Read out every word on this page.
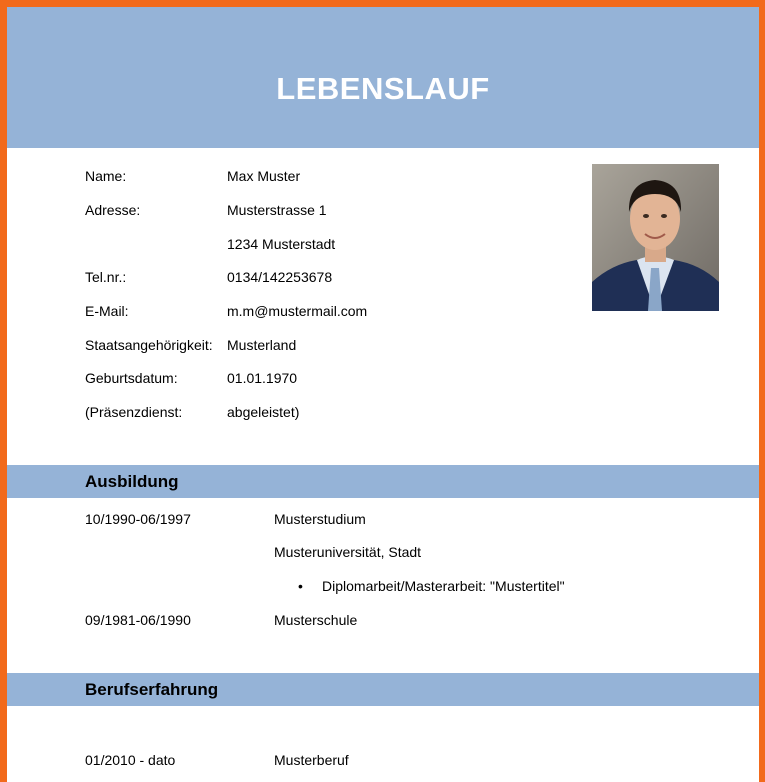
LEBENSLAUF
Name:	Max Muster
Adresse:	Musterstrasse 1
1234 Musterstadt
Tel.nr.:	0134/142253678
E-Mail:	m.m@mustermail.com
Staatsangehörigkeit: Musterland
Geburtsdatum:	01.01.1970
(Präsenzdienst:	abgeleistet)
Ausbildung
10/1990-06/1997	Musterstudium
Musteruniversität, Stadt
• Diplomarbeit/Masterarbeit: "Mustertitel"
09/1981-06/1990	Musterschule
Berufserfahrung
01/2010 - dato	Musterberuf
